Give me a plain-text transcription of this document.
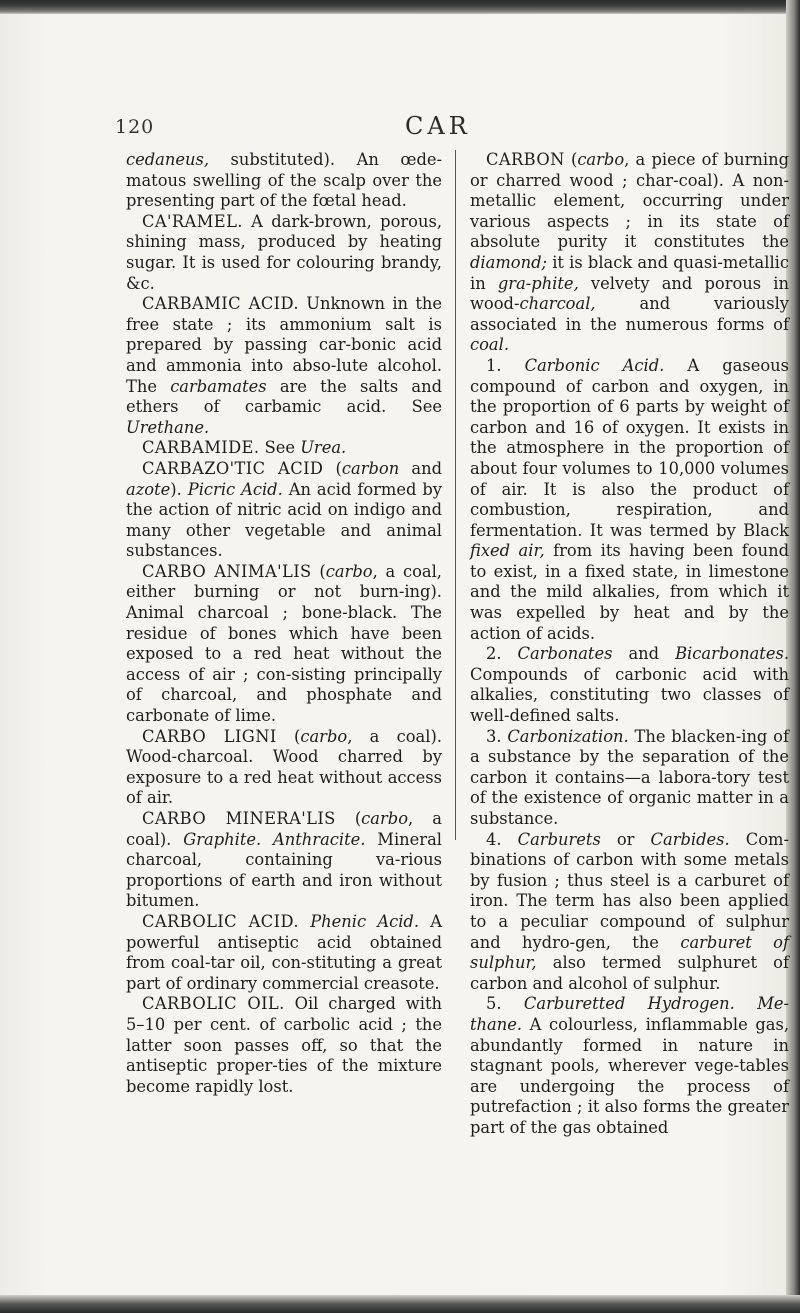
120	CAR

cedaneus, substituted). An œde-matous swelling of the scalp over the presenting part of the fœtal head.

CA'RAMEL. A dark-brown, porous, shining mass, produced by heating sugar. It is used for colouring brandy, &c.

CARBAMIC ACID. Unknown in the free state ; its ammonium salt is prepared by passing car-bonic acid and ammonia into abso-lute alcohol. The carbamates are the salts and ethers of carbamic acid. See Urethane.

CARBAMIDE. See Urea.

CARBAZO'TIC ACID (carbon and azote). Picric Acid. An acid formed by the action of nitric acid on indigo and many other vegetable and animal substances.

CARBO ANIMA'LIS (carbo, a coal, either burning or not burn-ing). Animal charcoal ; bone-black. The residue of bones which have been exposed to a red heat without the access of air ; con-sisting principally of charcoal, and phosphate and carbonate of lime.

CARBO LIGNI (carbo, a coal). Wood-charcoal. Wood charred by exposure to a red heat without access of air.

CARBO MINERA'LIS (carbo, a coal). Graphite. Anthracite. Mineral charcoal, containing va-rious proportions of earth and iron without bitumen.

CARBOLIC ACID. Phenic Acid. A powerful antiseptic acid obtained from coal-tar oil, con-stituting a great part of ordinary commercial creasote.

CARBOLIC OIL. Oil charged with 5–10 per cent. of carbolic acid ; the latter soon passes off, so that the antiseptic proper-ties of the mixture become rapidly lost.

CARBON (carbo, a piece of burning or charred wood ; char-coal). A non-metallic element, occurring under various aspects ; in its state of absolute purity it constitutes the diamond; it is black and quasi-metallic in gra-phite, velvety and porous in wood-charcoal, and variously associated in the numerous forms of coal.

1. Carbonic Acid. A gaseous compound of carbon and oxygen, in the proportion of 6 parts by weight of carbon and 16 of oxygen. It exists in the atmosphere in the proportion of about four volumes to 10,000 volumes of air. It is also the product of combustion, respiration, and fermentation. It was termed by Black fixed air, from its having been found to exist, in a fixed state, in limestone and the mild alkalies, from which it was expelled by heat and by the action of acids.

2. Carbonates and Bicarbonates. Compounds of carbonic acid with alkalies, constituting two classes of well-defined salts.

3. Carbonization. The blacken-ing of a substance by the separation of the carbon it contains—a labora-tory test of the existence of organic matter in a substance.

4. Carburets or Carbides. Com-binations of carbon with some metals by fusion ; thus steel is a carburet of iron. The term has also been applied to a peculiar compound of sulphur and hydro-gen, the carburet of sulphur, also termed sulphuret of carbon and alcohol of sulphur.

5. Carburetted Hydrogen. Me-thane. A colourless, inflammable gas, abundantly formed in nature in stagnant pools, wherever vege-tables are undergoing the process of putrefaction ; it also forms the greater part of the gas obtained
